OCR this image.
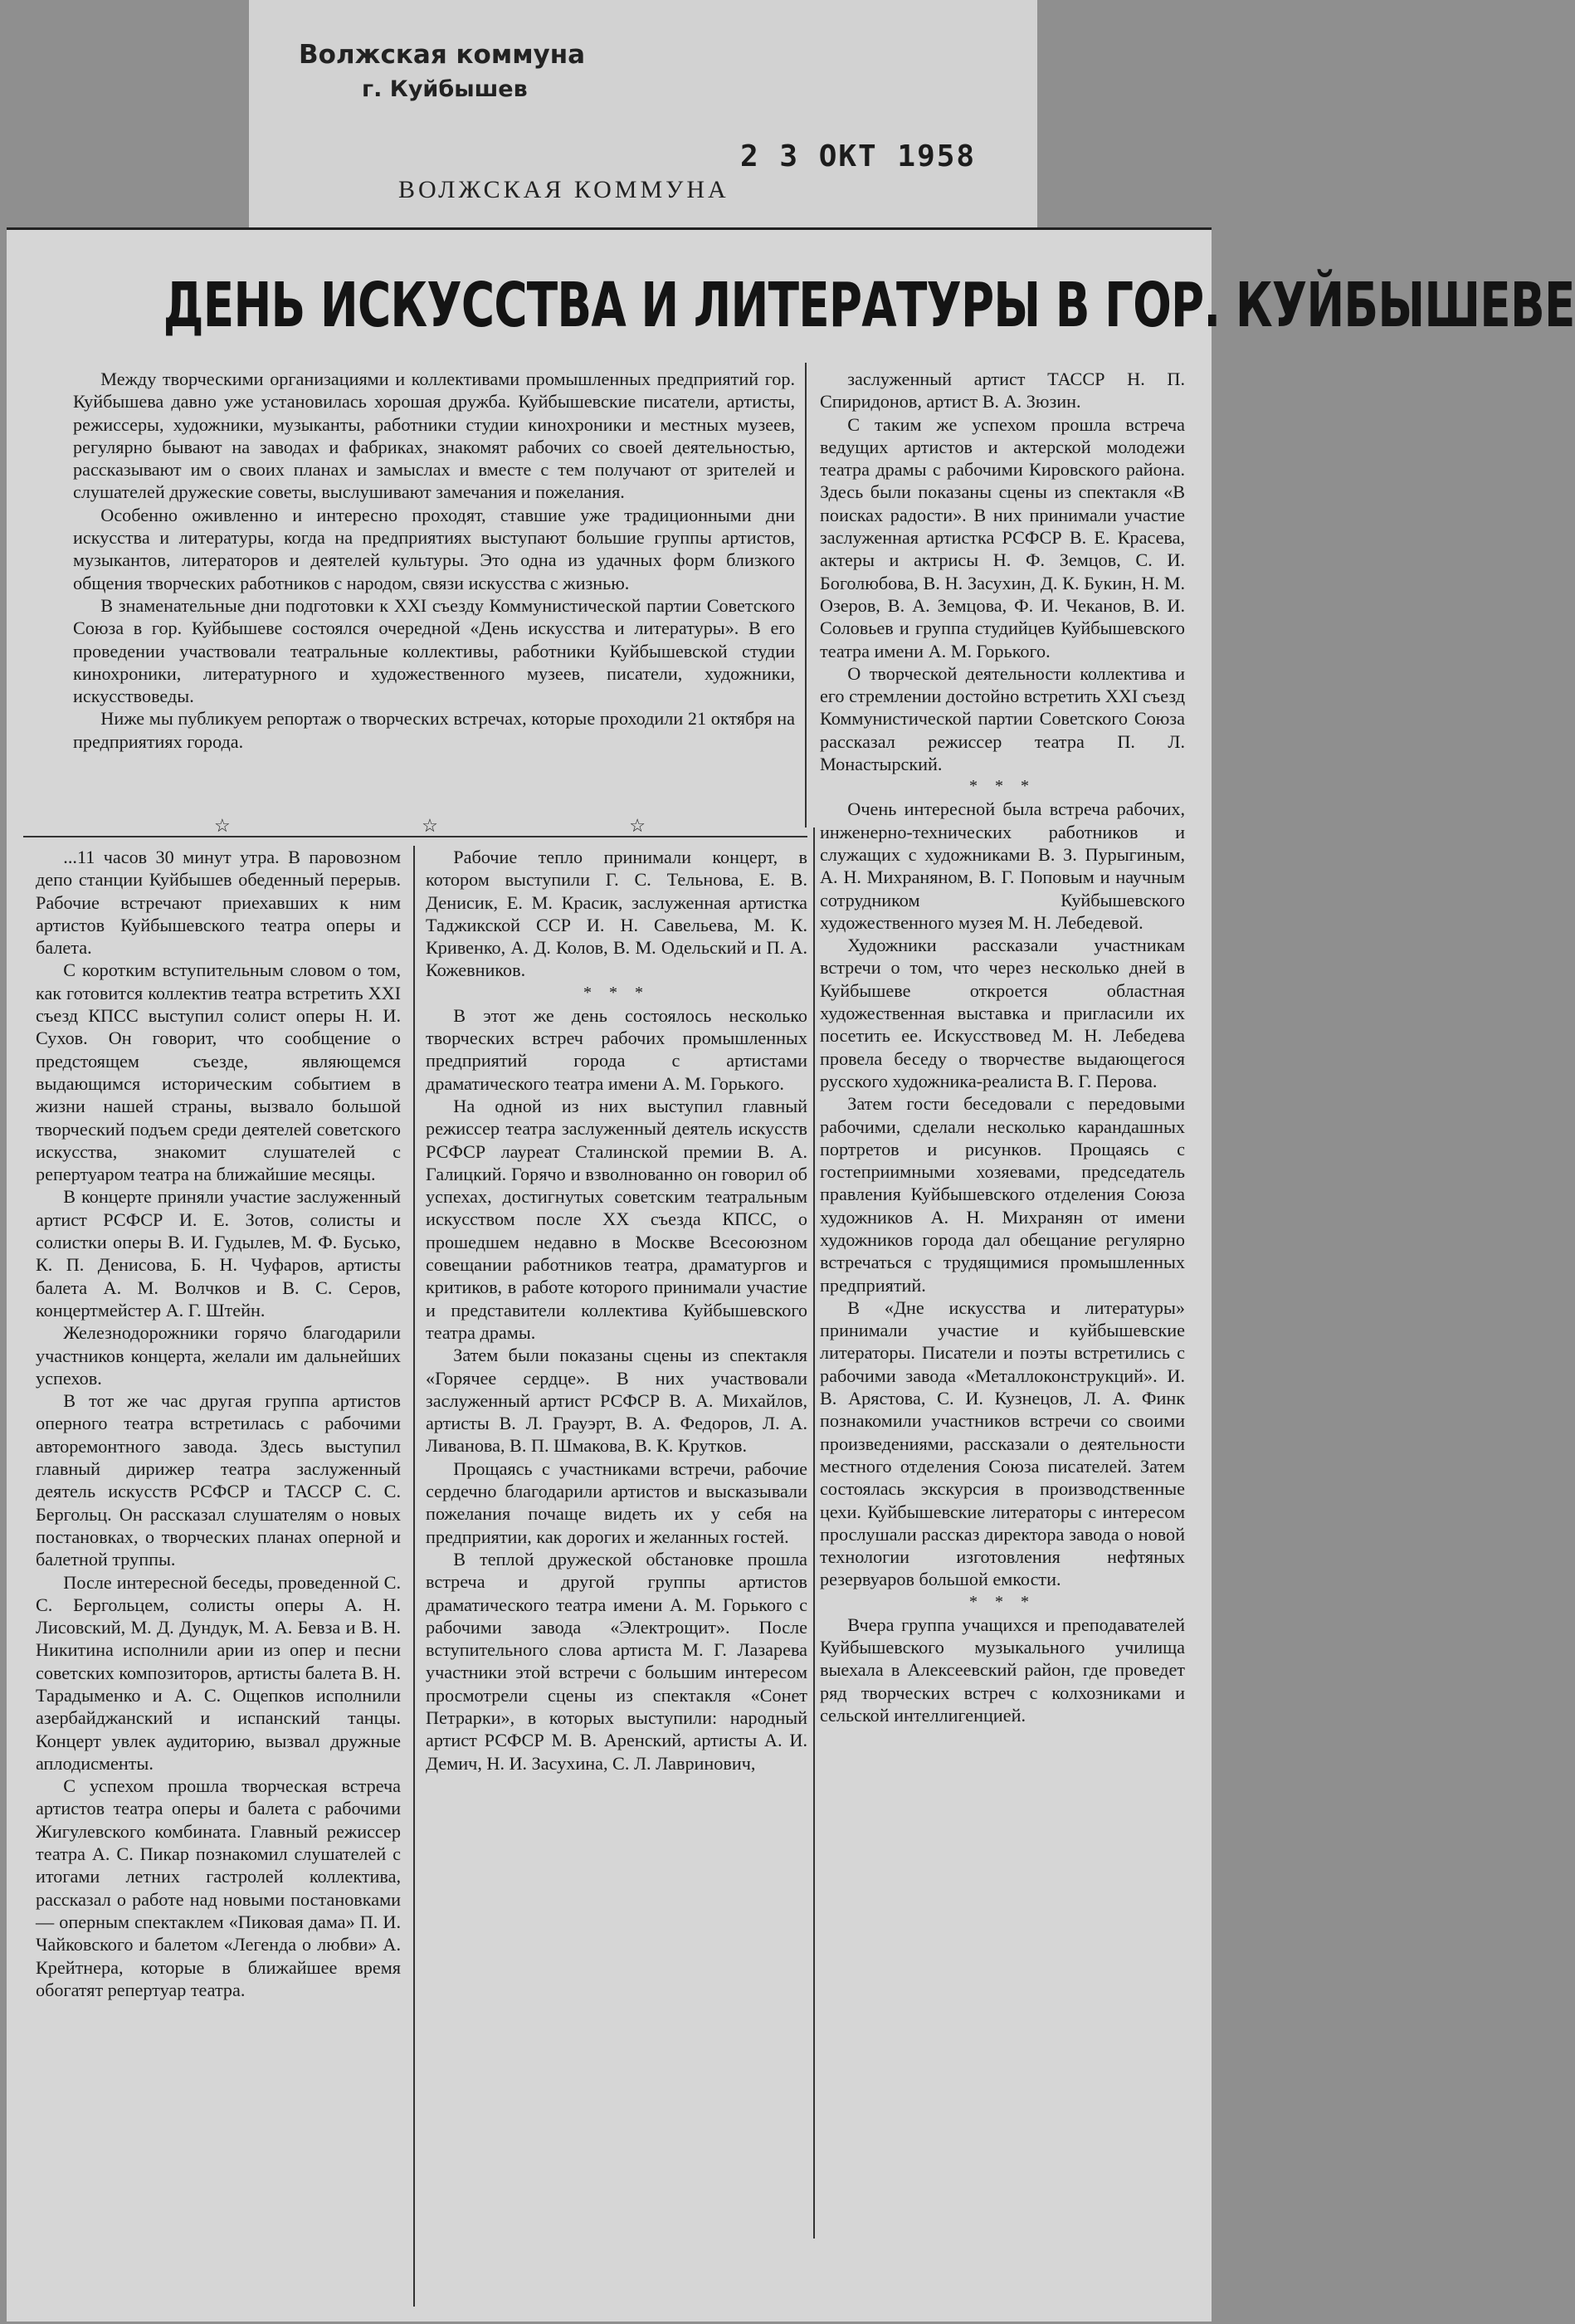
Волжская коммуна
г. Куйбышев
2 3 ОКТ 1958
ВОЛЖСКАЯ КОММУНА
ДЕНЬ ИСКУССТВА И ЛИТЕРАТУРЫ В ГОР. КУЙБЫШЕВЕ

Между творческими организациями и коллективами промышленных предприятий гор. Куйбышева давно уже установилась хорошая дружба. Куйбышевские писатели, артисты, режиссеры, художники, музыканты, работники студии кинохроники и местных музеев, регулярно бывают на заводах и фабриках, знакомят рабочих со своей деятельностью, рассказывают им о своих планах и замыслах и вместе с тем получают от зрителей и слушателей дружеские советы, выслушивают замечания и пожелания.

Особенно оживленно и интересно проходят, ставшие уже традиционными дни искусства и литературы, когда на предприятиях выступают большие группы артистов, музыкантов, литераторов и деятелей культуры. Это одна из удачных форм близкого общения творческих работников с народом, связи искусства с жизнью.

В знаменательные дни подготовки к XXI съезду Коммунистической партии Советского Союза в гор. Куйбышеве состоялся очередной «День искусства и литературы». В его проведении участвовали театральные коллективы, работники Куйбышевской студии кинохроники, литературного и художественного музеев, писатели, художники, искусствоведы.

Ниже мы публикуем репортаж о творческих встречах, которые проходили 21 октября на предприятиях города.

☆	☆	☆

...11 часов 30 минут утра. В паровозном депо станции Куйбышев обеденный перерыв. Рабочие встречают приехавших к ним артистов Куйбышевского театра оперы и балета.

С коротким вступительным словом о том, как готовится коллектив театра встретить XXI съезд КПСС выступил солист оперы Н. И. Сухов. Он говорит, что сообщение о предстоящем съезде, являющемся выдающимся историческим событием в жизни нашей страны, вызвало большой творческий подъем среди деятелей советского искусства, знакомит слушателей с репертуаром театра на ближайшие месяцы.

В концерте приняли участие заслуженный артист РСФСР И. Е. Зотов, солисты и солистки оперы В. И. Гудылев, М. Ф. Бусько, К. П. Денисова, Б. Н. Чуфаров, артисты балета А. М. Волчков и В. С. Серов, концертмейстер А. Г. Штейн.

Железнодорожники горячо благодарили участников концерта, желали им дальнейших успехов.

В тот же час другая группа артистов оперного театра встретилась с рабочими авторемонтного завода. Здесь выступил главный дирижер театра заслуженный деятель искусств РСФСР и ТАССР С. С. Бергольц. Он рассказал слушателям о новых постановках, о творческих планах оперной и балетной труппы.

После интересной беседы, проведенной С. С. Бергольцем, солисты оперы А. Н. Лисовский, М. Д. Дундук, М. А. Бевза и В. Н. Никитина исполнили арии из опер и песни советских композиторов, артисты балета В. Н. Тарадыменко и А. С. Ощепков исполнили азербайджанский и испанский танцы. Концерт увлек аудиторию, вызвал дружные аплодисменты.

С успехом прошла творческая встреча артистов театра оперы и балета с рабочими Жигулевского комбината. Главный режиссер театра А. С. Пикар познакомил слушателей с итогами летних гастролей коллектива, рассказал о работе над новыми постановками — оперным спектаклем «Пиковая дама» П. И. Чайковского и балетом «Легенда о любви» А. Крейтнера, которые в ближайшее время обогатят репертуар театра.

Рабочие тепло принимали концерт, в котором выступили Г. С. Тельнова, Е. В. Денисик, Е. М. Красик, заслуженная артистка Таджикской ССР И. Н. Савельева, М. К. Кривенко, А. Д. Колов, В. М. Одельский и П. А. Кожевников.

* * *

В этот же день состоялось несколько творческих встреч рабочих промышленных предприятий города с артистами драматического театра имени А. М. Горького.

На одной из них выступил главный режиссер театра заслуженный деятель искусств РСФСР лауреат Сталинской премии В. А. Галицкий. Горячо и взволнованно он говорил об успехах, достигнутых советским театральным искусством после XX съезда КПСС, о прошедшем недавно в Москве Всесоюзном совещании работников театра, драматургов и критиков, в работе которого принимали участие и представители коллектива Куйбышевского театра драмы.

Затем были показаны сцены из спектакля «Горячее сердце». В них участвовали заслуженный артист РСФСР В. А. Михайлов, артисты В. Л. Грауэрт, В. А. Федоров, Л. А. Ливанова, В. П. Шмакова, В. К. Крутков.

Прощаясь с участниками встречи, рабочие сердечно благодарили артистов и высказывали пожелания почаще видеть их у себя на предприятии, как дорогих и желанных гостей.

В теплой дружеской обстановке прошла встреча и другой группы артистов драматического театра имени А. М. Горького с рабочими завода «Электрощит». После вступительного слова артиста М. Г. Лазарева участники этой встречи с большим интересом просмотрели сцены из спектакля «Сонет Петрарки», в которых выступили: народный артист РСФСР М. В. Аренский, артисты А. И. Демич, Н. И. Засухина, С. Л. Лавринович,

заслуженный артист ТАССР Н. П. Спиридонов, артист В. А. Зюзин.

С таким же успехом прошла встреча ведущих артистов и актерской молодежи театра драмы с рабочими Кировского района. Здесь были показаны сцены из спектакля «В поисках радости». В них принимали участие заслуженная артистка РСФСР В. Е. Красева, актеры и актрисы Н. Ф. Земцов, С. И. Боголюбова, В. Н. Засухин, Д. К. Букин, Н. М. Озеров, В. А. Земцова, Ф. И. Чеканов, В. И. Соловьев и группа студийцев Куйбышевского театра имени А. М. Горького.

О творческой деятельности коллектива и его стремлении достойно встретить XXI съезд Коммунистической партии Советского Союза рассказал режиссер театра П. Л. Монастырский.

* * *

Очень интересной была встреча рабочих, инженерно-технических работников и служащих с художниками В. З. Пурыгиным, А. Н. Михраняном, В. Г. Поповым и научным сотрудником Куйбышевского художественного музея М. Н. Лебедевой.

Художники рассказали участникам встречи о том, что через несколько дней в Куйбышеве откроется областная художественная выставка и пригласили их посетить ее. Искусствовед М. Н. Лебедева провела беседу о творчестве выдающегося русского художника-реалиста В. Г. Перова.

Затем гости беседовали с передовыми рабочими, сделали несколько карандашных портретов и рисунков. Прощаясь с гостеприимными хозяевами, председатель правления Куйбышевского отделения Союза художников А. Н. Михранян от имени художников города дал обещание регулярно встречаться с трудящимися промышленных предприятий.

В «Дне искусства и литературы» принимали участие и куйбышевские литераторы. Писатели и поэты встретились с рабочими завода «Металлоконструкций». И. В. Арястова, С. И. Кузнецов, Л. А. Финк познакомили участников встречи со своими произведениями, рассказали о деятельности местного отделения Союза писателей. Затем состоялась экскурсия в производственные цехи. Куйбышевские литераторы с интересом прослушали рассказ директора завода о новой технологии изготовления нефтяных резервуаров большой емкости.

* * *

Вчера группа учащихся и преподавателей Куйбышевского музыкального училища выехала в Алексеевский район, где проведет ряд творческих встреч с колхозниками и сельской интеллигенцией.
